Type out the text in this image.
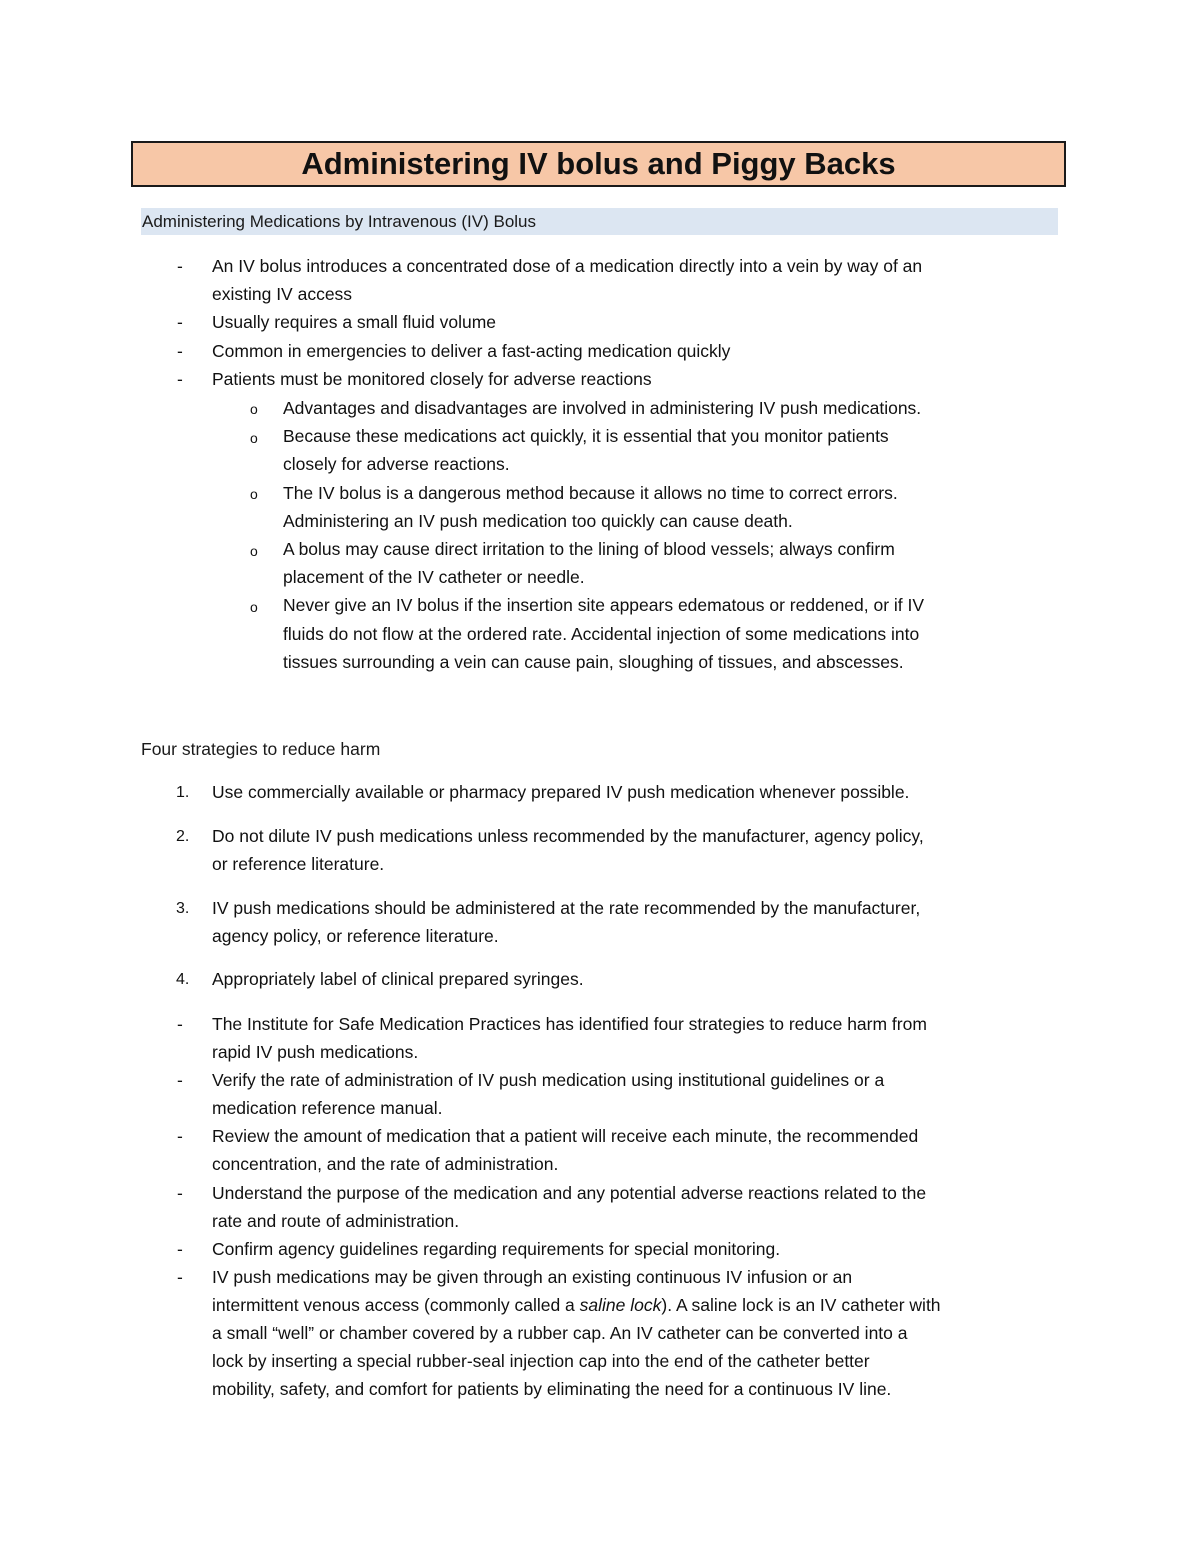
Administering IV bolus and Piggy Backs
Administering Medications by Intravenous (IV) Bolus
- An IV bolus introduces a concentrated dose of a medication directly into a vein by way of an
existing IV access
- Usually requires a small fluid volume
- Common in emergencies to deliver a fast-acting medication quickly
- Patients must be monitored closely for adverse reactions
o Advantages and disadvantages are involved in administering IV push medications.
o Because these medications act quickly, it is essential that you monitor patients
closely for adverse reactions.
o The IV bolus is a dangerous method because it allows no time to correct errors.
Administering an IV push medication too quickly can cause death.
o A bolus may cause direct irritation to the lining of blood vessels; always confirm
placement of the IV catheter or needle.
o Never give an IV bolus if the insertion site appears edematous or reddened, or if IV
fluids do not flow at the ordered rate. Accidental injection of some medications into
tissues surrounding a vein can cause pain, sloughing of tissues, and abscesses.
Four strategies to reduce harm
1. Use commercially available or pharmacy prepared IV push medication whenever possible.
2. Do not dilute IV push medications unless recommended by the manufacturer, agency policy,
or reference literature.
3. IV push medications should be administered at the rate recommended by the manufacturer,
agency policy, or reference literature.
4. Appropriately label of clinical prepared syringes.
- The Institute for Safe Medication Practices has identified four strategies to reduce harm from
rapid IV push medications.
- Verify the rate of administration of IV push medication using institutional guidelines or a
medication reference manual.
- Review the amount of medication that a patient will receive each minute, the recommended
concentration, and the rate of administration.
- Understand the purpose of the medication and any potential adverse reactions related to the
rate and route of administration.
- Confirm agency guidelines regarding requirements for special monitoring.
- IV push medications may be given through an existing continuous IV infusion or an
intermittent venous access (commonly called a saline lock). A saline lock is an IV catheter with
a small “well” or chamber covered by a rubber cap. An IV catheter can be converted into a
lock by inserting a special rubber-seal injection cap into the end of the catheter better
mobility, safety, and comfort for patients by eliminating the need for a continuous IV line.
